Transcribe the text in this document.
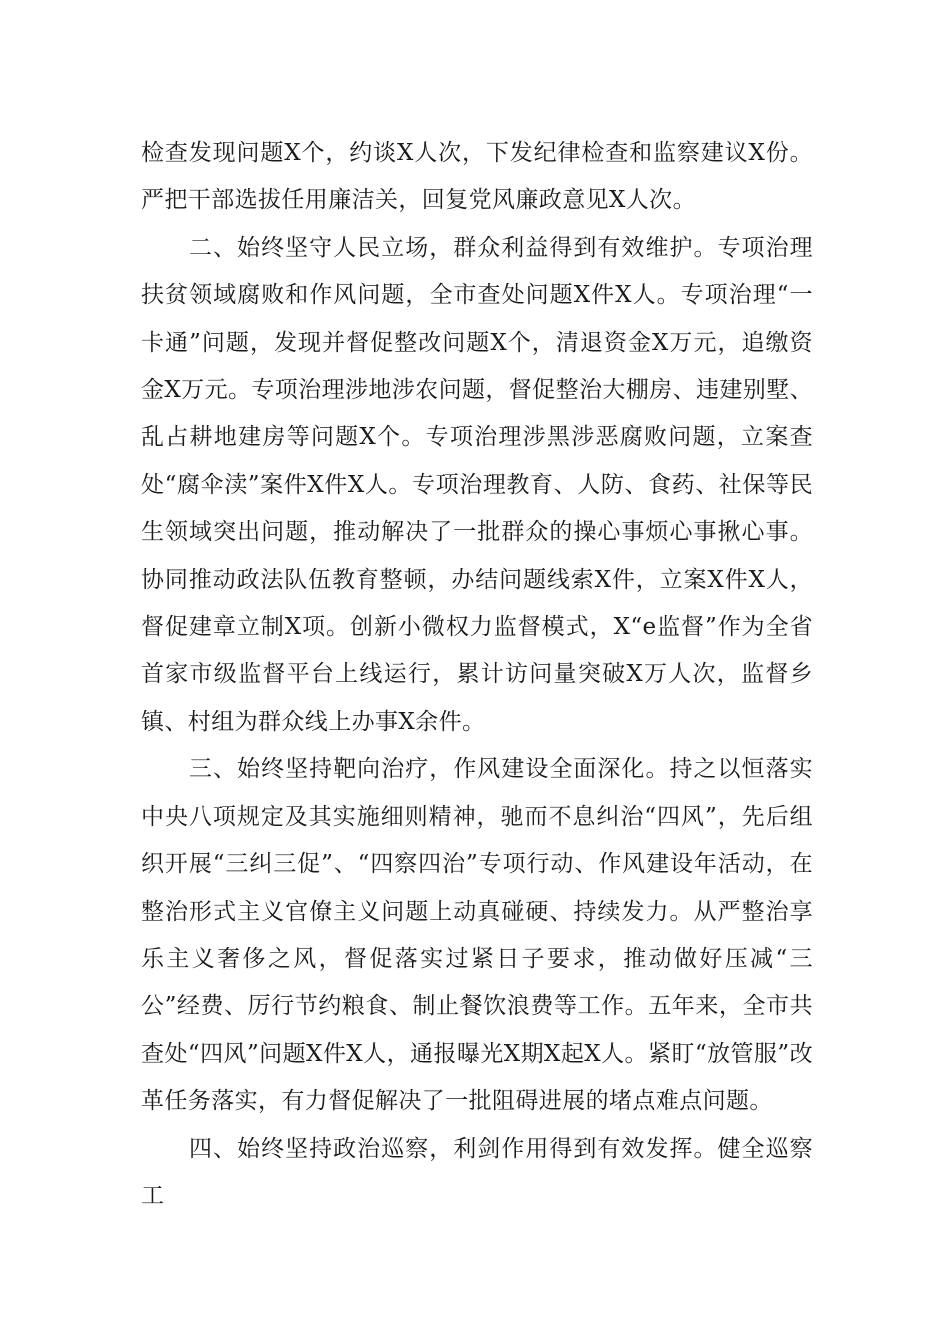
检查发现问题X个，约谈X人次，下发纪律检查和监察建议X份。严把干部选拔任用廉洁关，回复党风廉政意见X人次。

二、始终坚守人民立场，群众利益得到有效维护。专项治理扶贫领域腐败和作风问题，全市查处问题X件X人。专项治理“一卡通”问题，发现并督促整改问题X个，清退资金X万元，追缴资金X万元。专项治理涉地涉农问题，督促整治大棚房、违建别墅、乱占耕地建房等问题X个。专项治理涉黑涉恶腐败问题，立案查处“腐伞渎”案件X件X人。专项治理教育、人防、食药、社保等民生领域突出问题，推动解决了一批群众的操心事烦心事揪心事。协同推动政法队伍教育整顿，办结问题线索X件，立案X件X人，督促建章立制X项。创新小微权力监督模式，X“e监督”作为全省首家市级监督平台上线运行，累计访问量突破X万人次，监督乡镇、村组为群众线上办事X余件。

三、始终坚持靶向治疗，作风建设全面深化。持之以恒落实中央八项规定及其实施细则精神，驰而不息纠治“四风”，先后组织开展“三纠三促”、“四察四治”专项行动、作风建设年活动，在整治形式主义官僚主义问题上动真碰硬、持续发力。从严整治享乐主义奢侈之风，督促落实过紧日子要求，推动做好压减“三公”经费、厉行节约粮食、制止餐饮浪费等工作。五年来，全市共查处“四风”问题X件X人，通报曝光X期X起X人。紧盯“放管服”改革任务落实，有力督促解决了一批阻碍进展的堵点难点问题。

四、始终坚持政治巡察，利剑作用得到有效发挥。健全巡察工
